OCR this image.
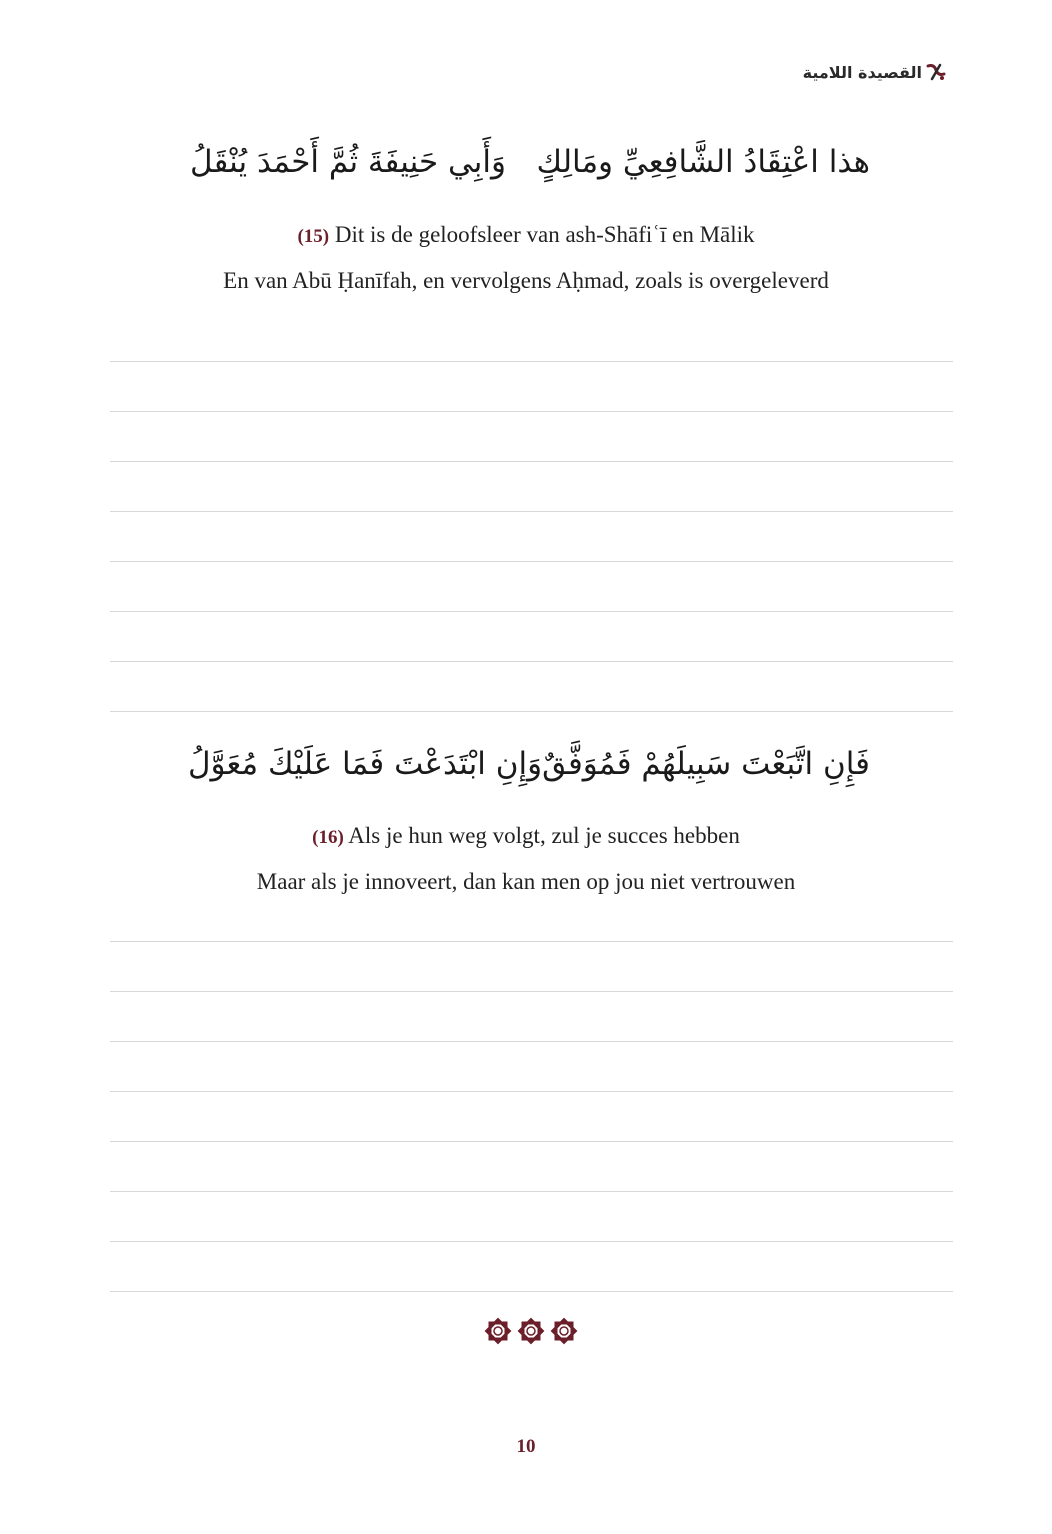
القصيدة اللامية
هذا اعْتِقَادُ الشَّافِعِيِّ ومَالِكٍ
وَأَبِي حَنِيفَةَ ثُمَّ أَحْمَدَ يُنْقَلُ
(15) Dit is de geloofsleer van ash-Shāfiʿī en Mālik
En van Abū Ḥanīfah, en vervolgens Aḥmad, zoals is overgeleverd
فَإِنِ اتَّبَعْتَ سَبِيلَهُمْ فَمُوَفَّقٌ
وَإِنِ ابْتَدَعْتَ فَمَا عَلَيْكَ مُعَوَّلُ
(16) Als je hun weg volgt, zul je succes hebben
Maar als je innoveert, dan kan men op jou niet vertrouwen
10
